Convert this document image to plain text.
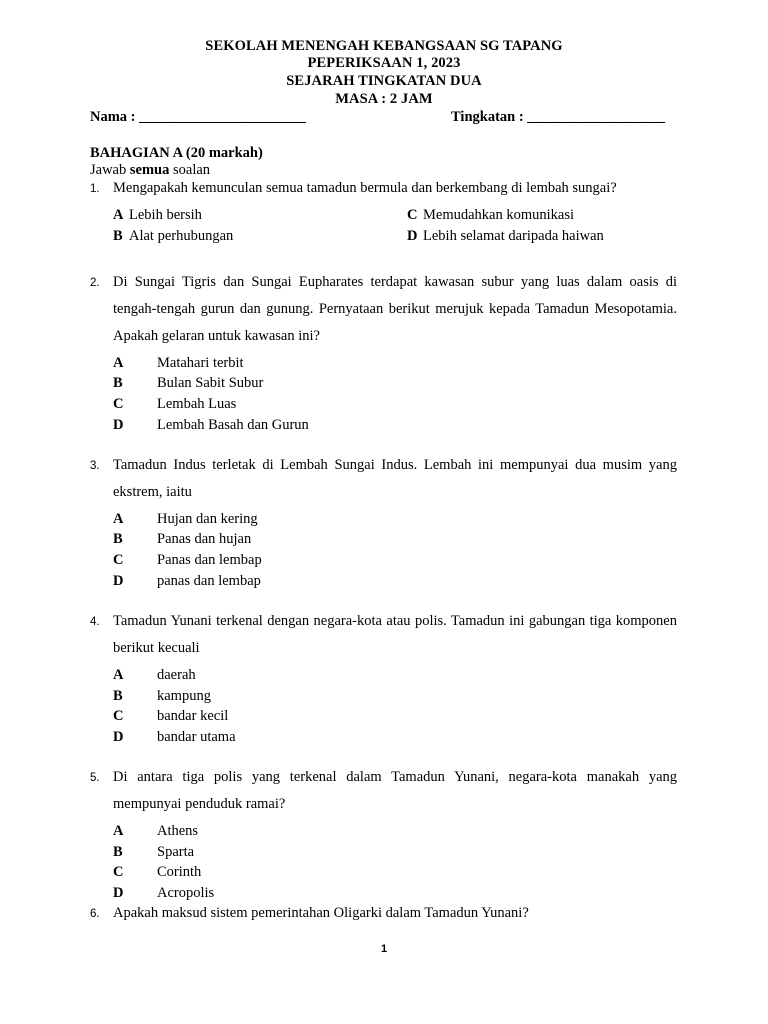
SEKOLAH MENENGAH KEBANGSAAN SG TAPANG
PEPERIKSAAN 1, 2023
SEJARAH TINGKATAN DUA
MASA : 2 JAM
Nama : _______________________	Tingkatan : ___________________
BAHAGIAN A (20 markah)
Jawab semua soalan
1. Mengapakah kemunculan semua tamadun bermula dan berkembang di lembah sungai?
A Lebih bersih
B Alat perhubungan
C Memudahkan komunikasi
D Lebih selamat daripada haiwan
2. Di Sungai Tigris dan Sungai Eupharates terdapat kawasan subur yang luas dalam oasis di tengah-tengah gurun dan gunung. Pernyataan berikut merujuk kepada Tamadun Mesopotamia. Apakah gelaran untuk kawasan ini?
A Matahari terbit
B Bulan Sabit Subur
C Lembah Luas
D Lembah Basah dan Gurun
3. Tamadun Indus terletak di Lembah Sungai Indus. Lembah ini mempunyai dua musim yang ekstrem, iaitu
A Hujan dan kering
B Panas dan hujan
C Panas dan lembap
D panas dan lembap
4. Tamadun Yunani terkenal dengan negara-kota atau polis. Tamadun ini gabungan tiga komponen berikut kecuali
A daerah
B kampung
C bandar kecil
D bandar utama
5. Di antara tiga polis yang terkenal dalam Tamadun Yunani, negara-kota manakah yang mempunyai penduduk ramai?
A Athens
B Sparta
C Corinth
D Acropolis
6. Apakah maksud sistem pemerintahan Oligarki dalam Tamadun Yunani?
1
